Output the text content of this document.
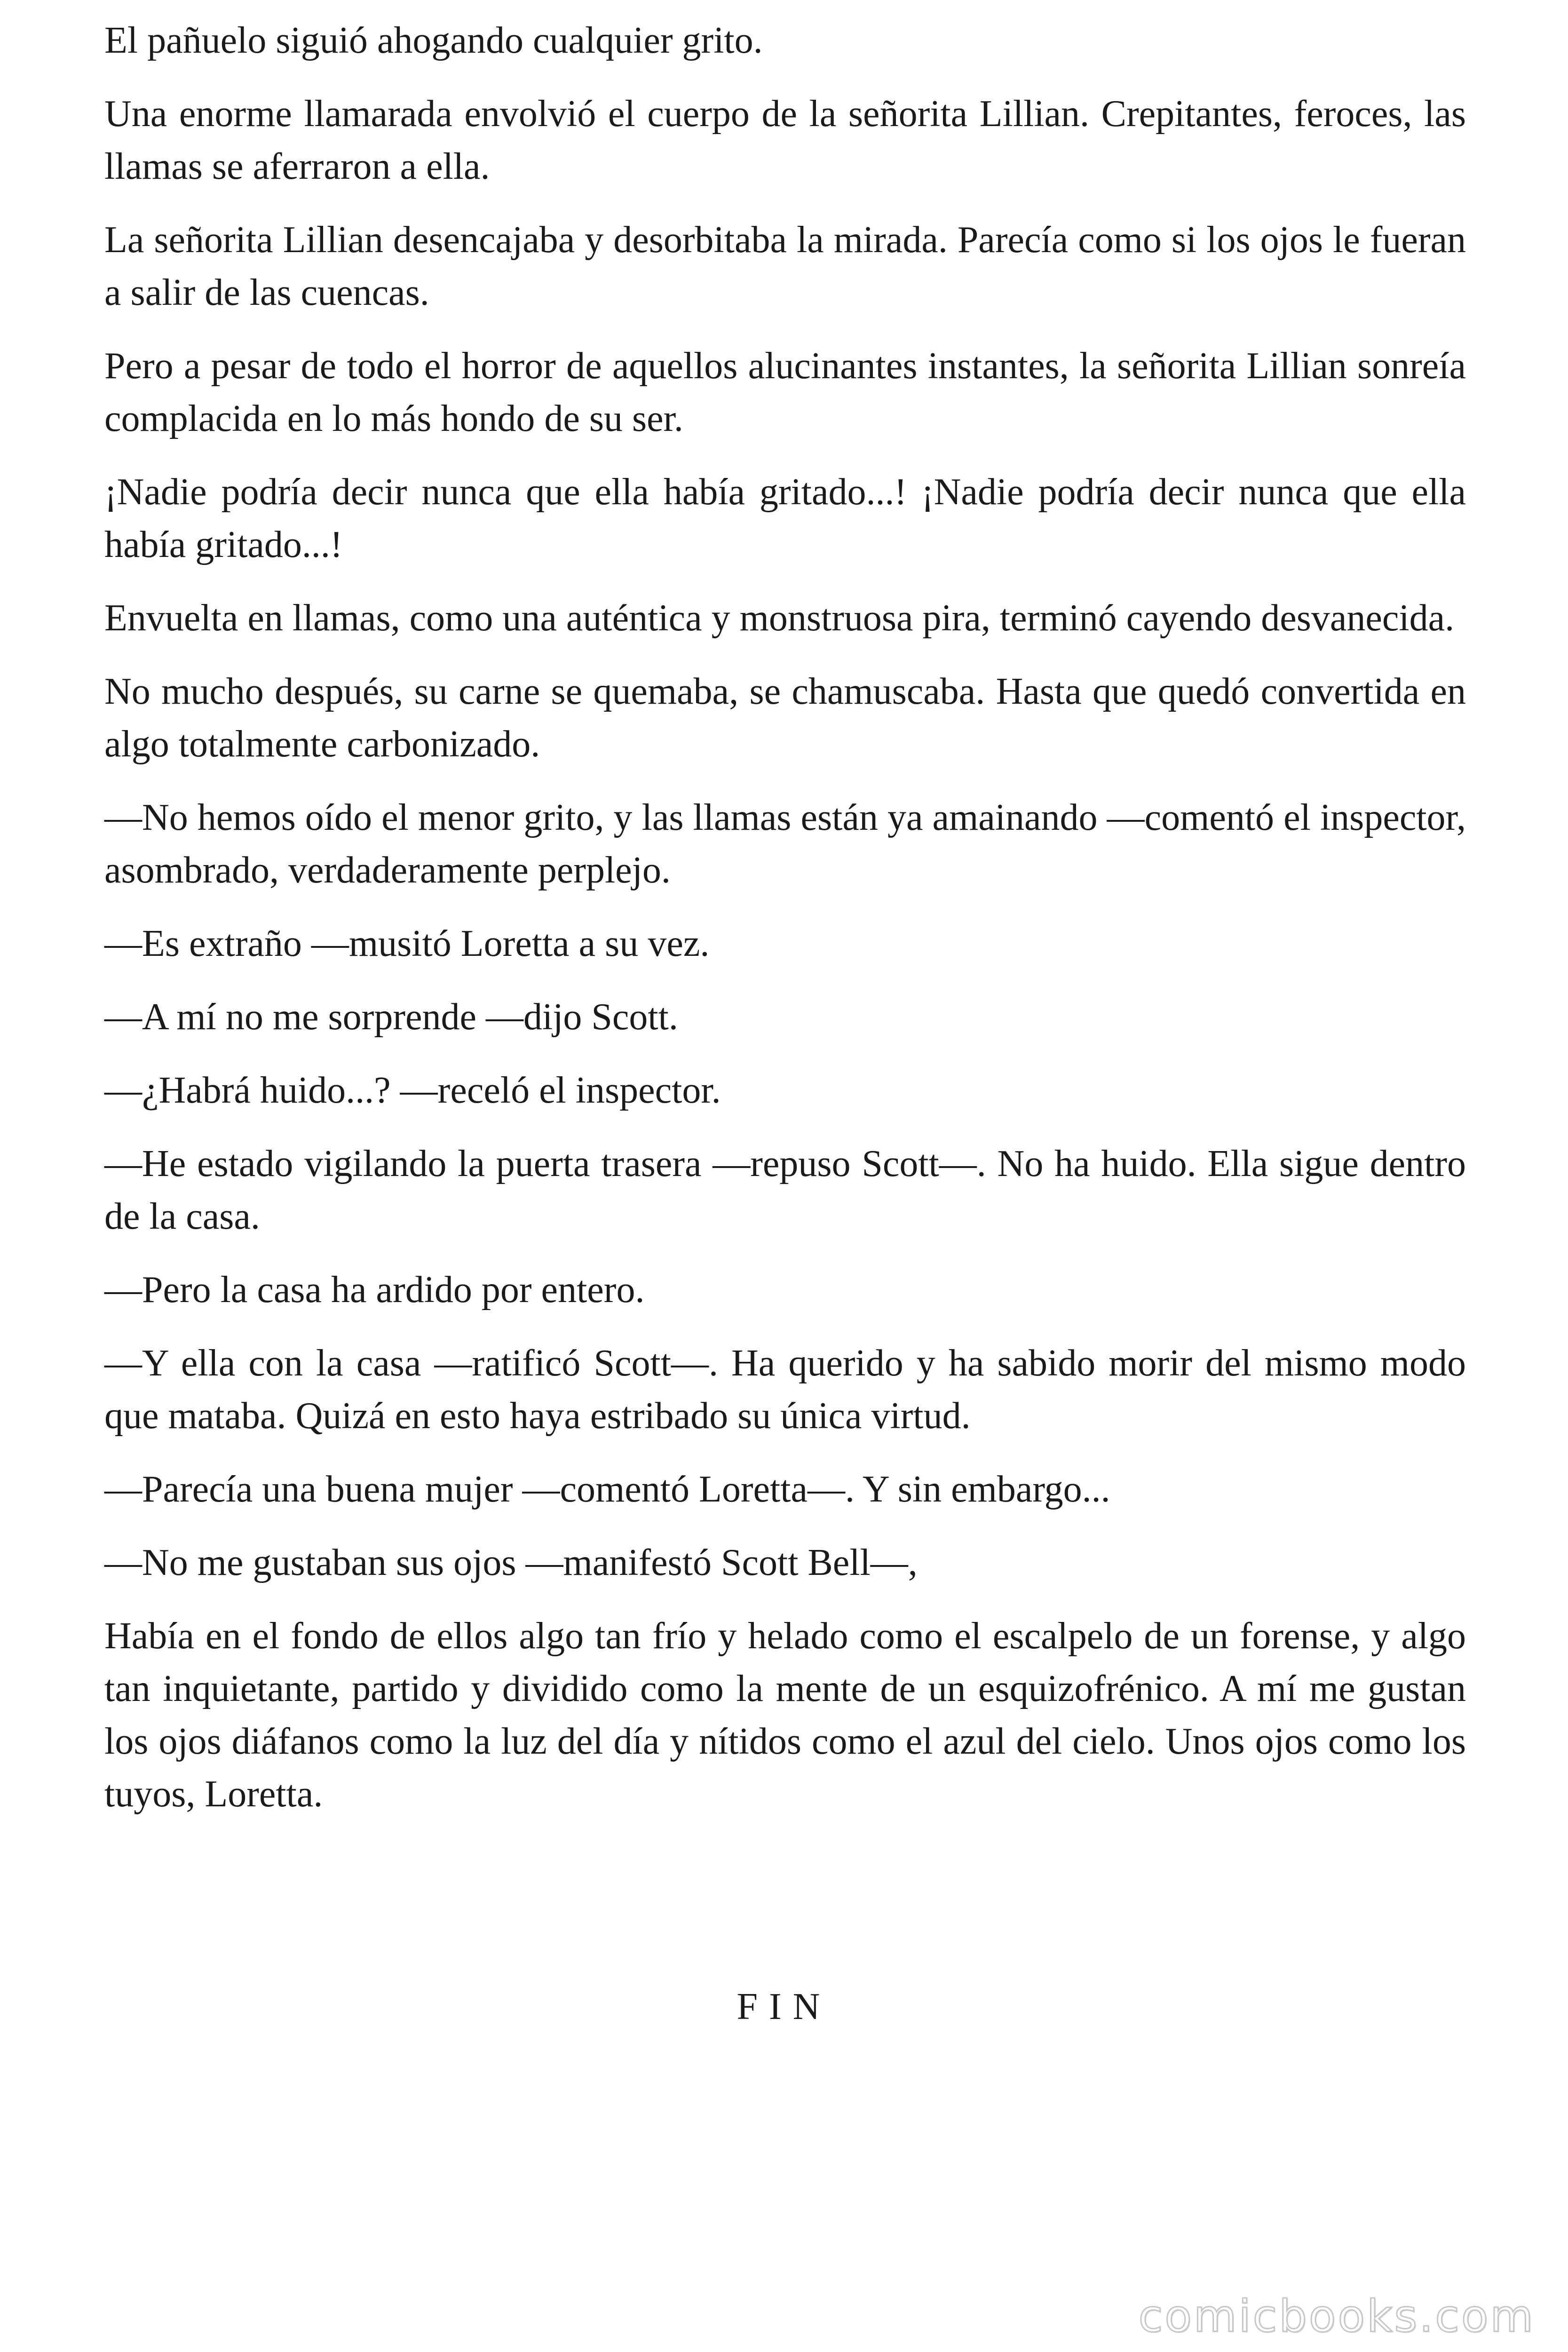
El pañuelo siguió ahogando cualquier grito.

Una enorme llamarada envolvió el cuerpo de la señorita Lillian. Crepitantes, feroces, las llamas se aferraron a ella.

La señorita Lillian desencajaba y desorbitaba la mirada. Parecía como si los ojos le fueran a salir de las cuencas.

Pero a pesar de todo el horror de aquellos alucinantes instantes, la señorita Lillian sonreía complacida en lo más hondo de su ser.

¡Nadie podría decir nunca que ella había gritado...! ¡Nadie podría decir nunca que ella había gritado...!

Envuelta en llamas, como una auténtica y monstruosa pira, terminó cayendo desvanecida.

No mucho después, su carne se quemaba, se chamuscaba. Hasta que quedó convertida en algo totalmente carbonizado.

—No hemos oído el menor grito, y las llamas están ya amainando —comentó el inspector, asombrado, verdaderamente perplejo.

—Es extraño —musitó Loretta a su vez.

—A mí no me sorprende —dijo Scott.

—¿Habrá huido...? —receló el inspector.

—He estado vigilando la puerta trasera —repuso Scott—. No ha huido. Ella sigue dentro de la casa.

—Pero la casa ha ardido por entero.

—Y ella con la casa —ratificó Scott—. Ha querido y ha sabido morir del mismo modo que mataba. Quizá en esto haya estribado su única virtud.

—Parecía una buena mujer —comentó Loretta—. Y sin embargo...

—No me gustaban sus ojos —manifestó Scott Bell—,

Había en el fondo de ellos algo tan frío y helado como el escalpelo de un forense, y algo tan inquietante, partido y dividido como la mente de un esquizofrénico. A mí me gustan los ojos diáfanos como la luz del día y nítidos como el azul del cielo. Unos ojos como los tuyos, Loretta.

FIN
comicbooks.com
